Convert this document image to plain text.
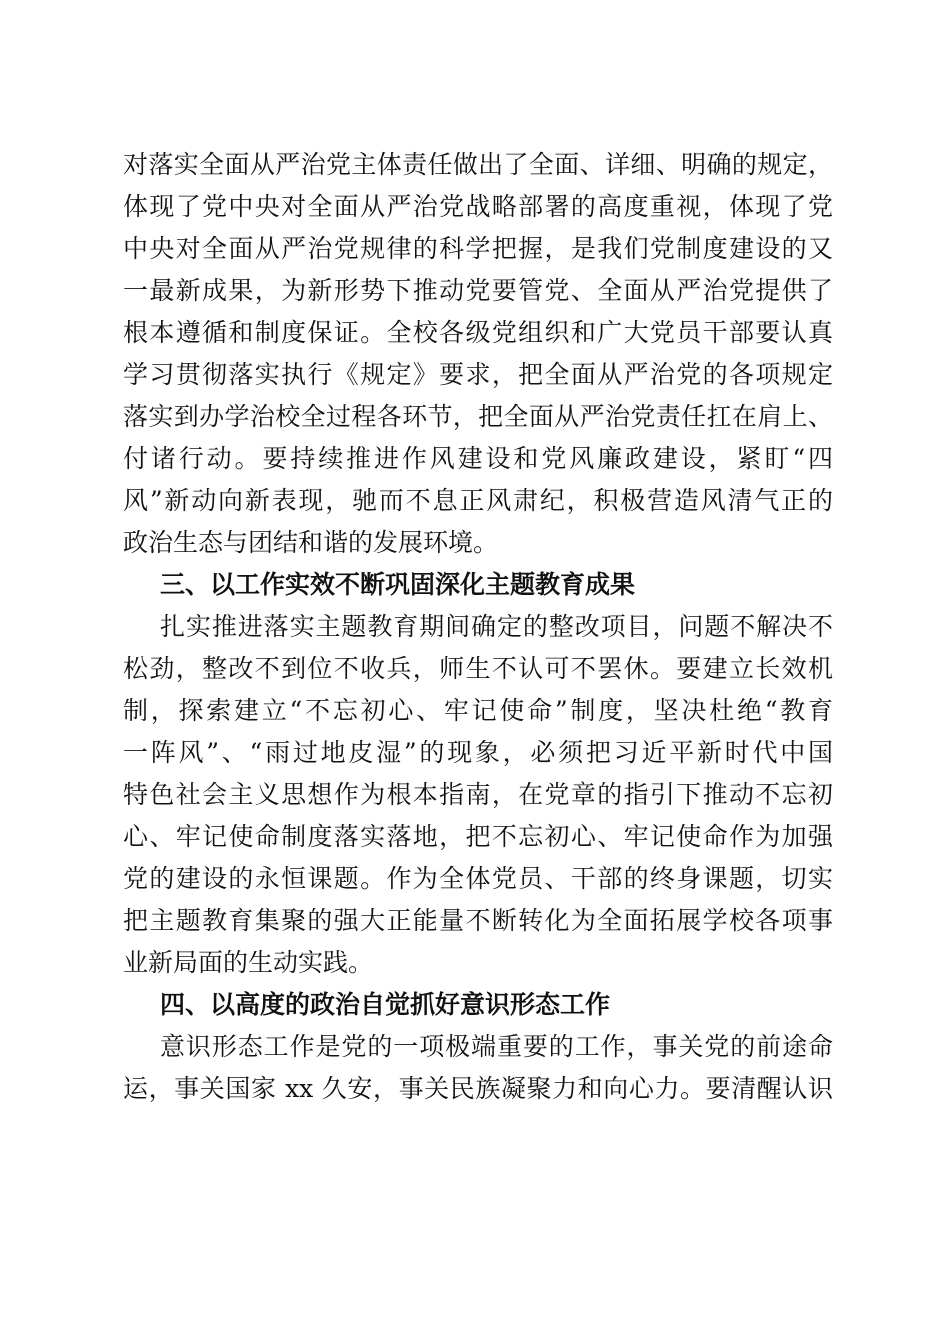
对落实全面从严治党主体责任做出了全面、详细、明确的规定，
体现了党中央对全面从严治党战略部署的高度重视，体现了党
中央对全面从严治党规律的科学把握，是我们党制度建设的又
一最新成果，为新形势下推动党要管党、全面从严治党提供了
根本遵循和制度保证。全校各级党组织和广大党员干部要认真
学习贯彻落实执行《规定》要求，把全面从严治党的各项规定
落实到办学治校全过程各环节，把全面从严治党责任扛在肩上、
付诸行动。要持续推进作风建设和党风廉政建设，紧盯“四
风”新动向新表现，驰而不息正风肃纪，积极营造风清气正的
政治生态与团结和谐的发展环境。
三、以工作实效不断巩固深化主题教育成果
扎实推进落实主题教育期间确定的整改项目，问题不解决不
松劲，整改不到位不收兵，师生不认可不罢休。要建立长效机
制，探索建立“不忘初心、牢记使命”制度，坚决杜绝“教育
一阵风”、“雨过地皮湿”的现象，必须把习近平新时代中国
特色社会主义思想作为根本指南，在党章的指引下推动不忘初
心、牢记使命制度落实落地，把不忘初心、牢记使命作为加强
党的建设的永恒课题。作为全体党员、干部的终身课题，切实
把主题教育集聚的强大正能量不断转化为全面拓展学校各项事
业新局面的生动实践。
四、以高度的政治自觉抓好意识形态工作
意识形态工作是党的一项极端重要的工作，事关党的前途命
运，事关国家 xx 久安，事关民族凝聚力和向心力。要清醒认识
